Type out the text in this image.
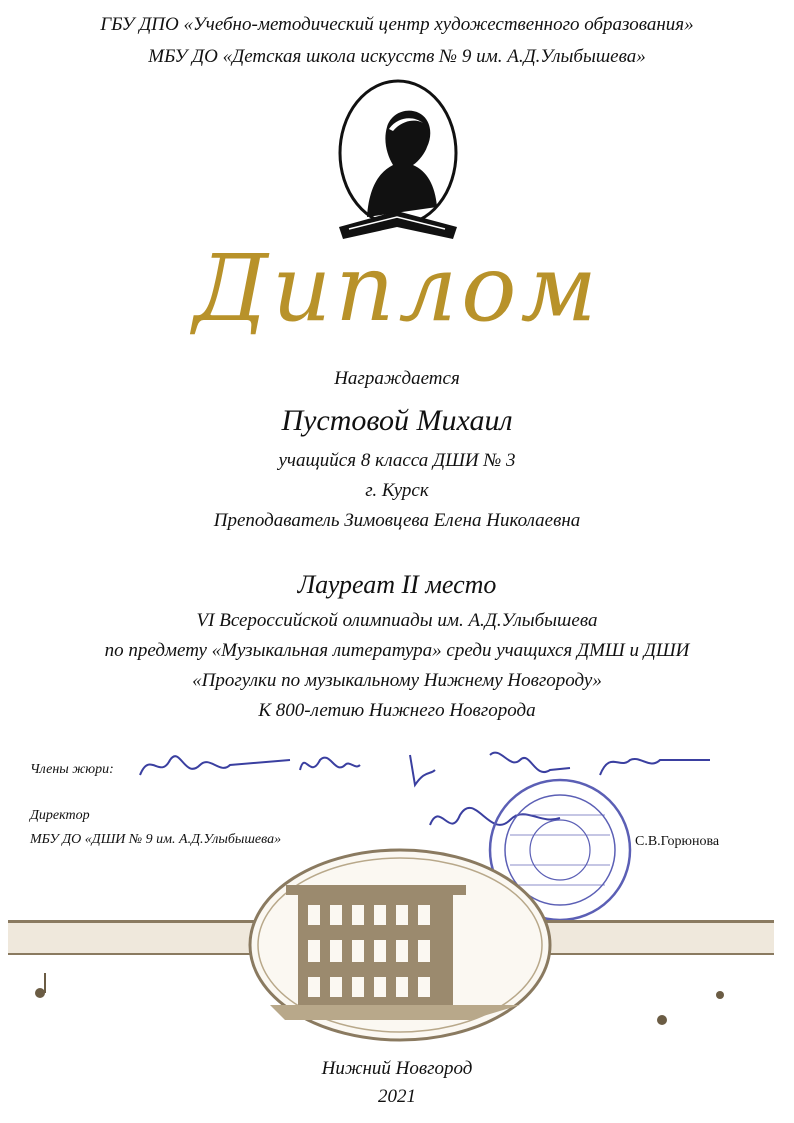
ГБУ ДПО «Учебно-методический центр художественного образования»
МБУ ДО «Детская школа искусств № 9 им. А.Д.Улыбышева»
Диплом
Награждается
Пустовой Михаил
учащийся 8 класса ДШИ № 3
г. Курск
Преподаватель Зимовцева Елена Николаевна
Лауреат II место
VI Всероссийской олимпиады им. А.Д.Улыбышева
по предмету «Музыкальная литература» среди учащихся ДМШ и ДШИ
«Прогулки по музыкальному Нижнему Новгороду»
К 800-летию Нижнего Новгорода
Члены жюри:
Директор
МБУ ДО «ДШИ № 9 им. А.Д.Улыбышева»	С.В.Горюнова
Нижний Новгород
2021
